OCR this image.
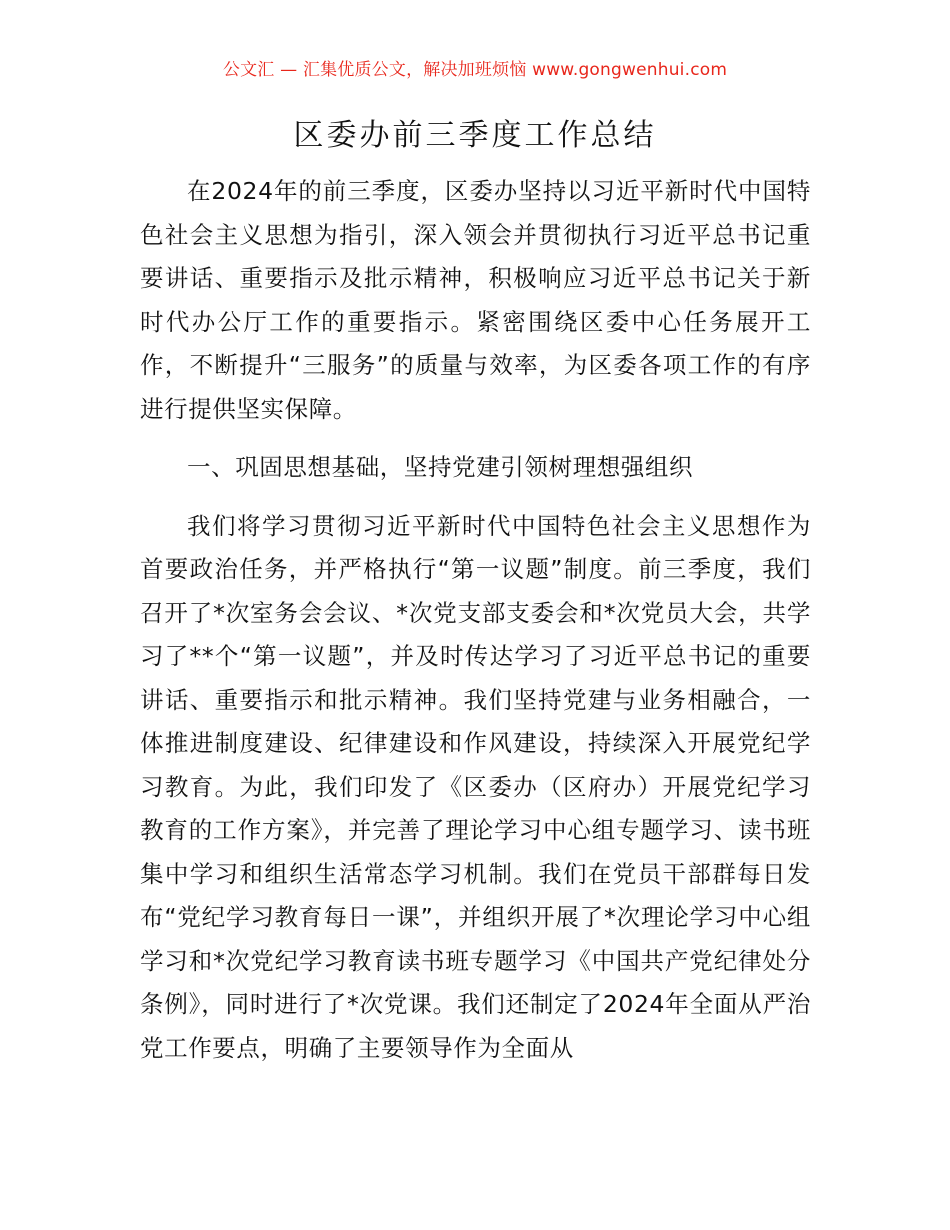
公文汇 — 汇集优质公文，解决加班烦恼 www.gongwenhui.com
区委办前三季度工作总结

在2024年的前三季度，区委办坚持以习近平新时代中国特色社会主义思想为指引，深入领会并贯彻执行习近平总书记重要讲话、重要指示及批示精神，积极响应习近平总书记关于新时代办公厅工作的重要指示。紧密围绕区委中心任务展开工作，不断提升“三服务”的质量与效率，为区委各项工作的有序进行提供坚实保障。

一、巩固思想基础，坚持党建引领树理想强组织

我们将学习贯彻习近平新时代中国特色社会主义思想作为首要政治任务，并严格执行“第一议题”制度。前三季度，我们召开了*次室务会会议、*次党支部支委会和*次党员大会，共学习了**个“第一议题”，并及时传达学习了习近平总书记的重要讲话、重要指示和批示精神。我们坚持党建与业务相融合，一体推进制度建设、纪律建设和作风建设，持续深入开展党纪学习教育。为此，我们印发了《区委办（区府办）开展党纪学习教育的工作方案》，并完善了理论学习中心组专题学习、读书班集中学习和组织生活常态学习机制。我们在党员干部群每日发布“党纪学习教育每日一课”，并组织开展了*次理论学习中心组学习和*次党纪学习教育读书班专题学习《中国共产党纪律处分条例》，同时进行了*次党课。我们还制定了2024年全面从严治党工作要点，明确了主要领导作为全面从
